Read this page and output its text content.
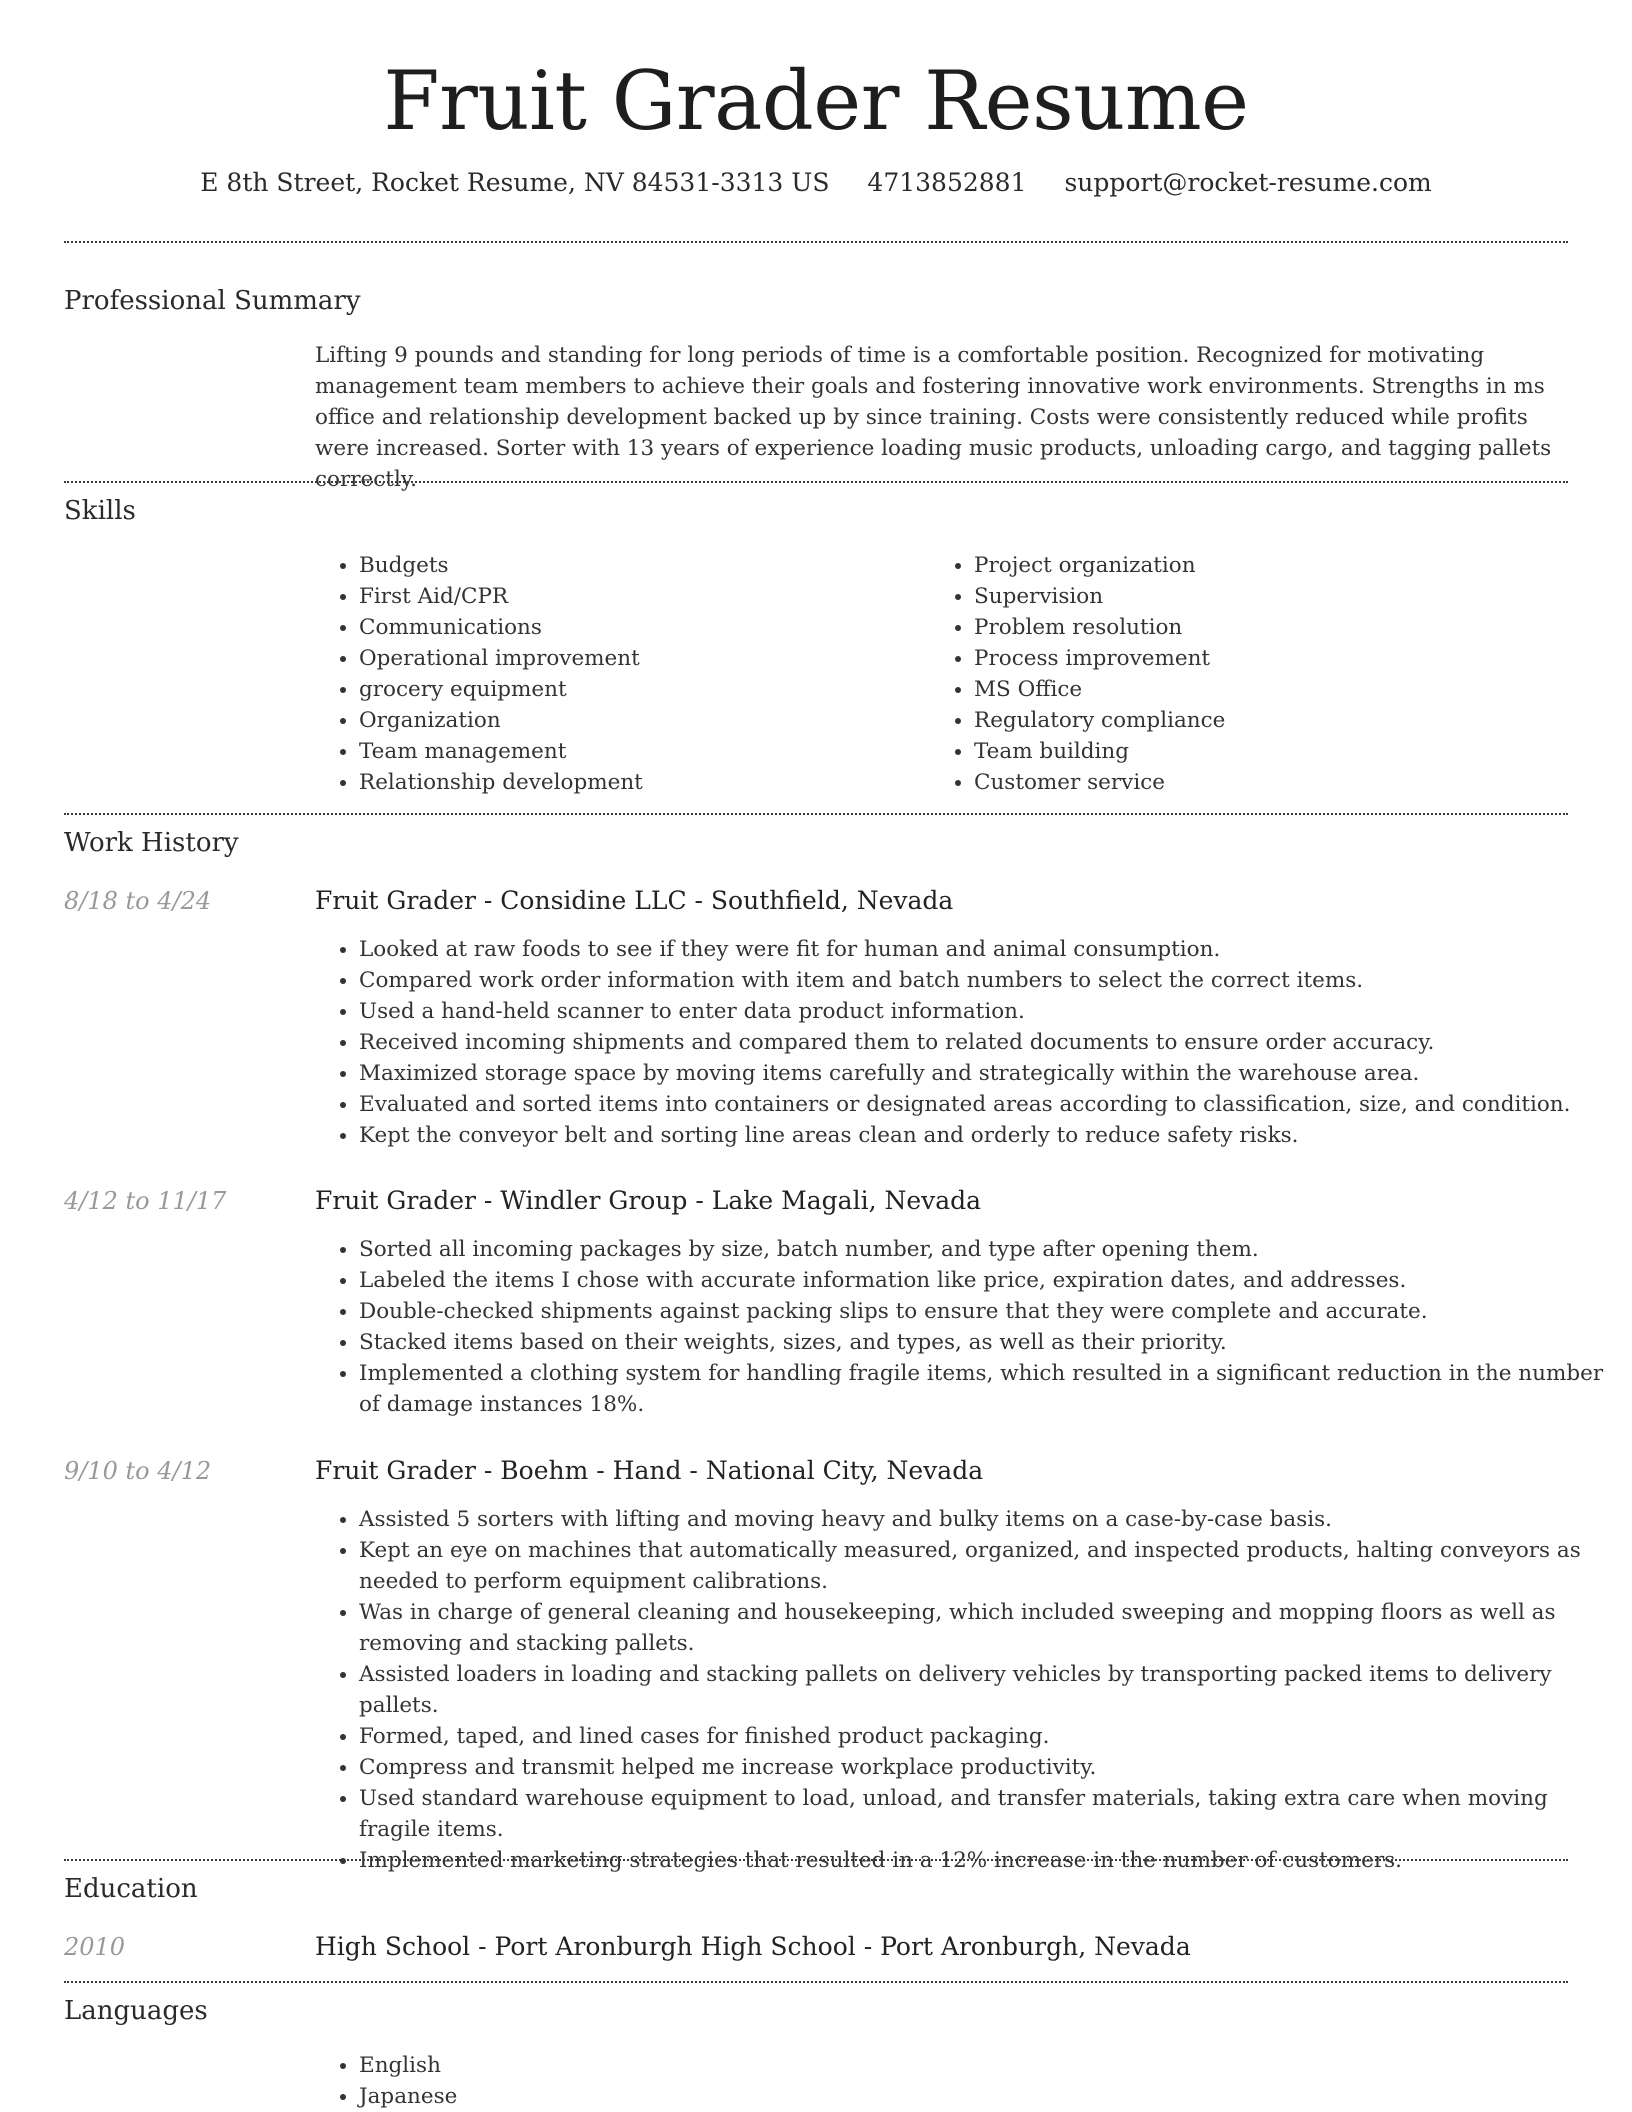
Fruit Grader Resume
E 8th Street, Rocket Resume, NV 84531-3313 US 4713852881 support@rocket-resume.com
Professional Summary
Lifting 9 pounds and standing for long periods of time is a comfortable position. Recognized for motivating management team members to achieve their goals and fostering innovative work environments. Strengths in ms office and relationship development backed up by since training. Costs were consistently reduced while profits were increased. Sorter with 13 years of experience loading music products, unloading cargo, and tagging pallets correctly.
Skills
• Budgets
• First Aid/CPR
• Communications
• Operational improvement
• grocery equipment
• Organization
• Team management
• Relationship development
• Project organization
• Supervision
• Problem resolution
• Process improvement
• MS Office
• Regulatory compliance
• Team building
• Customer service
Work History
8/18 to 4/24	Fruit Grader - Considine LLC - Southfield, Nevada
• Looked at raw foods to see if they were fit for human and animal consumption.
• Compared work order information with item and batch numbers to select the correct items.
• Used a hand-held scanner to enter data product information.
• Received incoming shipments and compared them to related documents to ensure order accuracy.
• Maximized storage space by moving items carefully and strategically within the warehouse area.
• Evaluated and sorted items into containers or designated areas according to classification, size, and condition.
• Kept the conveyor belt and sorting line areas clean and orderly to reduce safety risks.
4/12 to 11/17	Fruit Grader - Windler Group - Lake Magali, Nevada
• Sorted all incoming packages by size, batch number, and type after opening them.
• Labeled the items I chose with accurate information like price, expiration dates, and addresses.
• Double-checked shipments against packing slips to ensure that they were complete and accurate.
• Stacked items based on their weights, sizes, and types, as well as their priority.
• Implemented a clothing system for handling fragile items, which resulted in a significant reduction in the number of damage instances 18%.
9/10 to 4/12	Fruit Grader - Boehm - Hand - National City, Nevada
• Assisted 5 sorters with lifting and moving heavy and bulky items on a case-by-case basis.
• Kept an eye on machines that automatically measured, organized, and inspected products, halting conveyors as needed to perform equipment calibrations.
• Was in charge of general cleaning and housekeeping, which included sweeping and mopping floors as well as removing and stacking pallets.
• Assisted loaders in loading and stacking pallets on delivery vehicles by transporting packed items to delivery pallets.
• Formed, taped, and lined cases for finished product packaging.
• Compress and transmit helped me increase workplace productivity.
• Used standard warehouse equipment to load, unload, and transfer materials, taking extra care when moving fragile items.
• Implemented marketing strategies that resulted in a 12% increase in the number of customers.
Education
2010	High School - Port Aronburgh High School - Port Aronburgh, Nevada
Languages
• English
• Japanese
